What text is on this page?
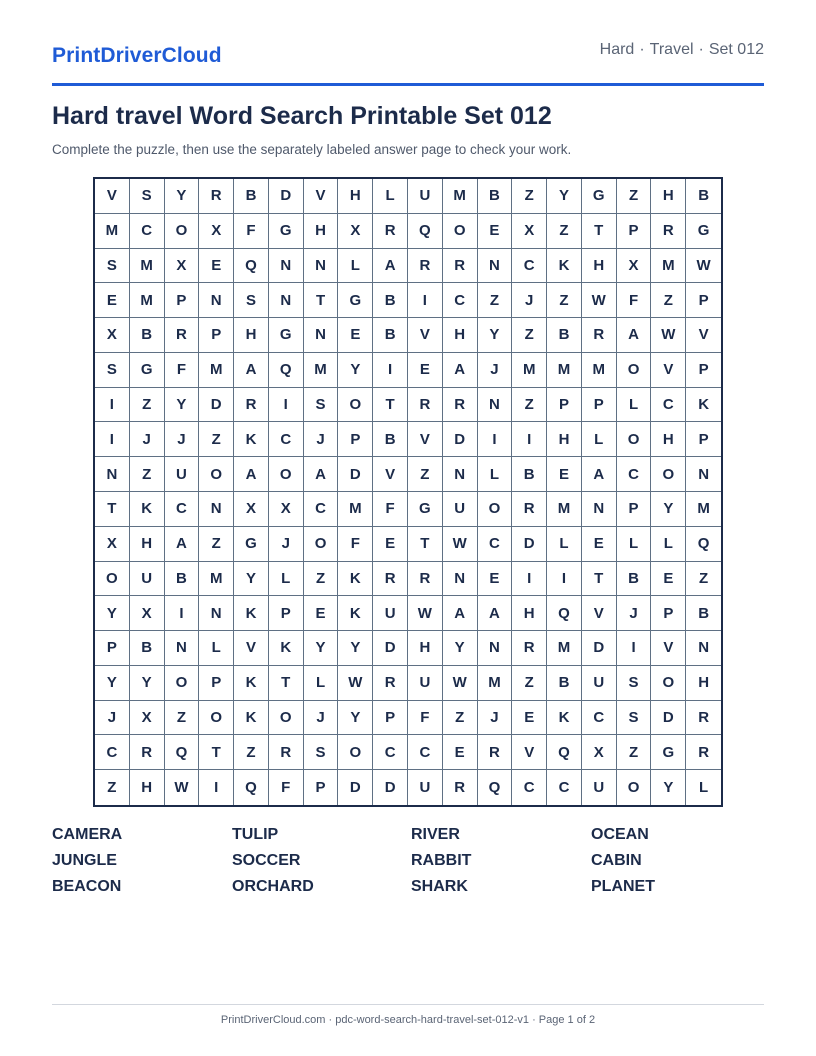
PrintDriverCloud	Hard · Travel · Set 012
Hard travel Word Search Printable Set 012
Complete the puzzle, then use the separately labeled answer page to check your work.
V	S	Y	R	B	D	V	H	L	U	M	B	Z	Y	G	Z	H	B
M	C	O	X	F	G	H	X	R	Q	O	E	X	Z	T	P	R	G
S	M	X	E	Q	N	N	L	A	R	R	N	C	K	H	X	M	W
E	M	P	N	S	N	T	G	B	I	C	Z	J	Z	W	F	Z	P
X	B	R	P	H	G	N	E	B	V	H	Y	Z	B	R	A	W	V
S	G	F	M	A	Q	M	Y	I	E	A	J	M	M	M	O	V	P
I	Z	Y	D	R	I	S	O	T	R	R	N	Z	P	P	L	C	K
I	J	J	Z	K	C	J	P	B	V	D	I	I	H	L	O	H	P
N	Z	U	O	A	O	A	D	V	Z	N	L	B	E	A	C	O	N
T	K	C	N	X	X	C	M	F	G	U	O	R	M	N	P	Y	M
X	H	A	Z	G	J	O	F	E	T	W	C	D	L	E	L	L	Q
O	U	B	M	Y	L	Z	K	R	R	N	E	I	I	T	B	E	Z
Y	X	I	N	K	P	E	K	U	W	A	A	H	Q	V	J	P	B
P	B	N	L	V	K	Y	Y	D	H	Y	N	R	M	D	I	V	N
Y	Y	O	P	K	T	L	W	R	U	W	M	Z	B	U	S	O	H
J	X	Z	O	K	O	J	Y	P	F	Z	J	E	K	C	S	D	R
C	R	Q	T	Z	R	S	O	C	C	E	R	V	Q	X	Z	G	R
Z	H	W	I	Q	F	P	D	D	U	R	Q	C	C	U	O	Y	L
CAMERA	TULIP	RIVER	OCEAN
JUNGLE	SOCCER	RABBIT	CABIN
BEACON	ORCHARD	SHARK	PLANET
PrintDriverCloud.com · pdc-word-search-hard-travel-set-012-v1 · Page 1 of 2
